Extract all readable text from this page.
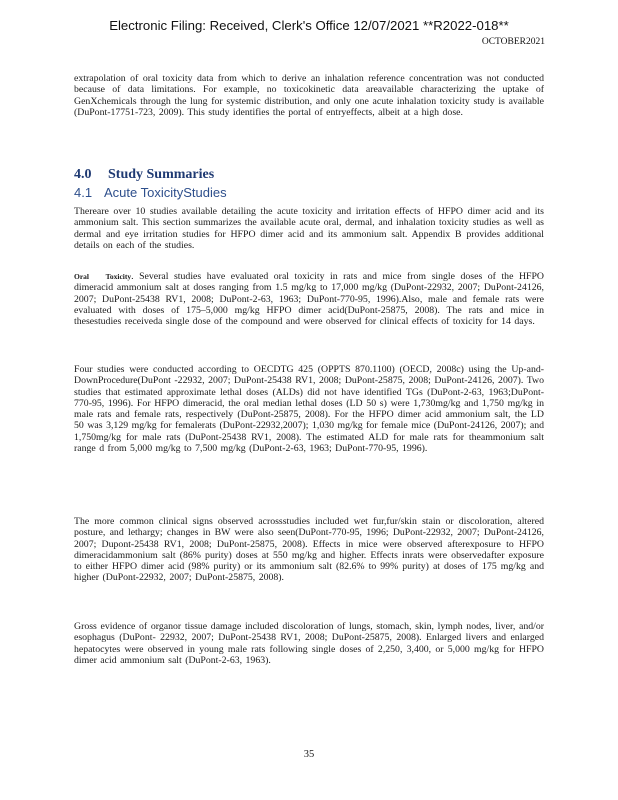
Electronic Filing: Received, Clerk's Office 12/07/2021 **R2022-018**
OCTOBER2021

extrapolation of oral toxicity data from which to derive an inhalation reference concentration was not conducted because of data limitations. For example, no toxicokinetic data areavailable characterizing the uptake of GenXchemicals through the lung for systemic distribution, and only one acute inhalation toxicity study is available (DuPont-17751-723, 2009). This study identifies the portal of entryeffects, albeit at a high dose.

4.0 Study Summaries
4.1 Acute ToxicityStudies

Thereare over 10 studies available detailing the acute toxicity and irritation effects of HFPO dimer acid and its ammonium salt. This section summarizes the available acute oral, dermal, and inhalation toxicity studies as well as dermal and eye irritation studies for HFPO dimer acid and its ammonium salt. Appendix B provides additional details on each of the studies.

Oral Toxicity. Several studies have evaluated oral toxicity in rats and mice from single doses of the HFPO dimeracid ammonium salt at doses ranging from 1.5 mg/kg to 17,000 mg/kg (DuPont-22932, 2007; DuPont-24126, 2007; DuPont-25438 RV1, 2008; DuPont-2-63, 1963; DuPont-770-95, 1996).Also, male and female rats were evaluated with doses of 175–5,000 mg/kg HFPO dimer acid(DuPont-25875, 2008). The rats and mice in thesestudies receiveda single dose of the compound and were observed for clinical effects of toxicity for 14 days.

Four studies were conducted according to OECDTG 425 (OPPTS 870.1100) (OECD, 2008c) using the Up-and-DownProcedure(DuPont -22932, 2007; DuPont-25438 RV1, 2008; DuPont-25875, 2008; DuPont-24126, 2007). Two studies that estimated approximate lethal doses (ALDs) did not have identified TGs (DuPont-2-63, 1963;DuPont-770-95, 1996). For HFPO dimeracid, the oral median lethal doses (LD 50 s) were 1,730mg/kg and 1,750 mg/kg in male rats and female rats, respectively (DuPont-25875, 2008). For the HFPO dimer acid ammonium salt, the LD 50 was 3,129 mg/kg for femalerats (DuPont-22932,2007); 1,030 mg/kg for female mice (DuPont-24126, 2007); and 1,750mg/kg for male rats (DuPont-25438 RV1, 2008). The estimated ALD for male rats for theammonium salt range d from 5,000 mg/kg to 7,500 mg/kg (DuPont-2-63, 1963; DuPont-770-95, 1996).

The more common clinical signs observed acrossstudies included wet fur,fur/skin stain or discoloration, altered posture, and lethargy; changes in BW were also seen(DuPont-770-95, 1996; DuPont-22932, 2007; DuPont-24126, 2007; Dupont-25438 RV1, 2008; DuPont-25875, 2008). Effects in mice were observed afterexposure to HFPO dimeracidammonium salt (86% purity) doses at 550 mg/kg and higher. Effects inrats were observedafter exposure to either HFPO dimer acid (98% purity) or its ammonium salt (82.6% to 99% purity) at doses of 175 mg/kg and higher (DuPont-22932, 2007; DuPont-25875, 2008).

Gross evidence of organor tissue damage included discoloration of lungs, stomach, skin, lymph nodes, liver, and/or esophagus (DuPont- 22932, 2007; DuPont-25438 RV1, 2008; DuPont-25875, 2008). Enlarged livers and enlarged hepatocytes were observed in young male rats following single doses of 2,250, 3,400, or 5,000 mg/kg for HFPO dimer acid ammonium salt (DuPont-2-63, 1963).

35
